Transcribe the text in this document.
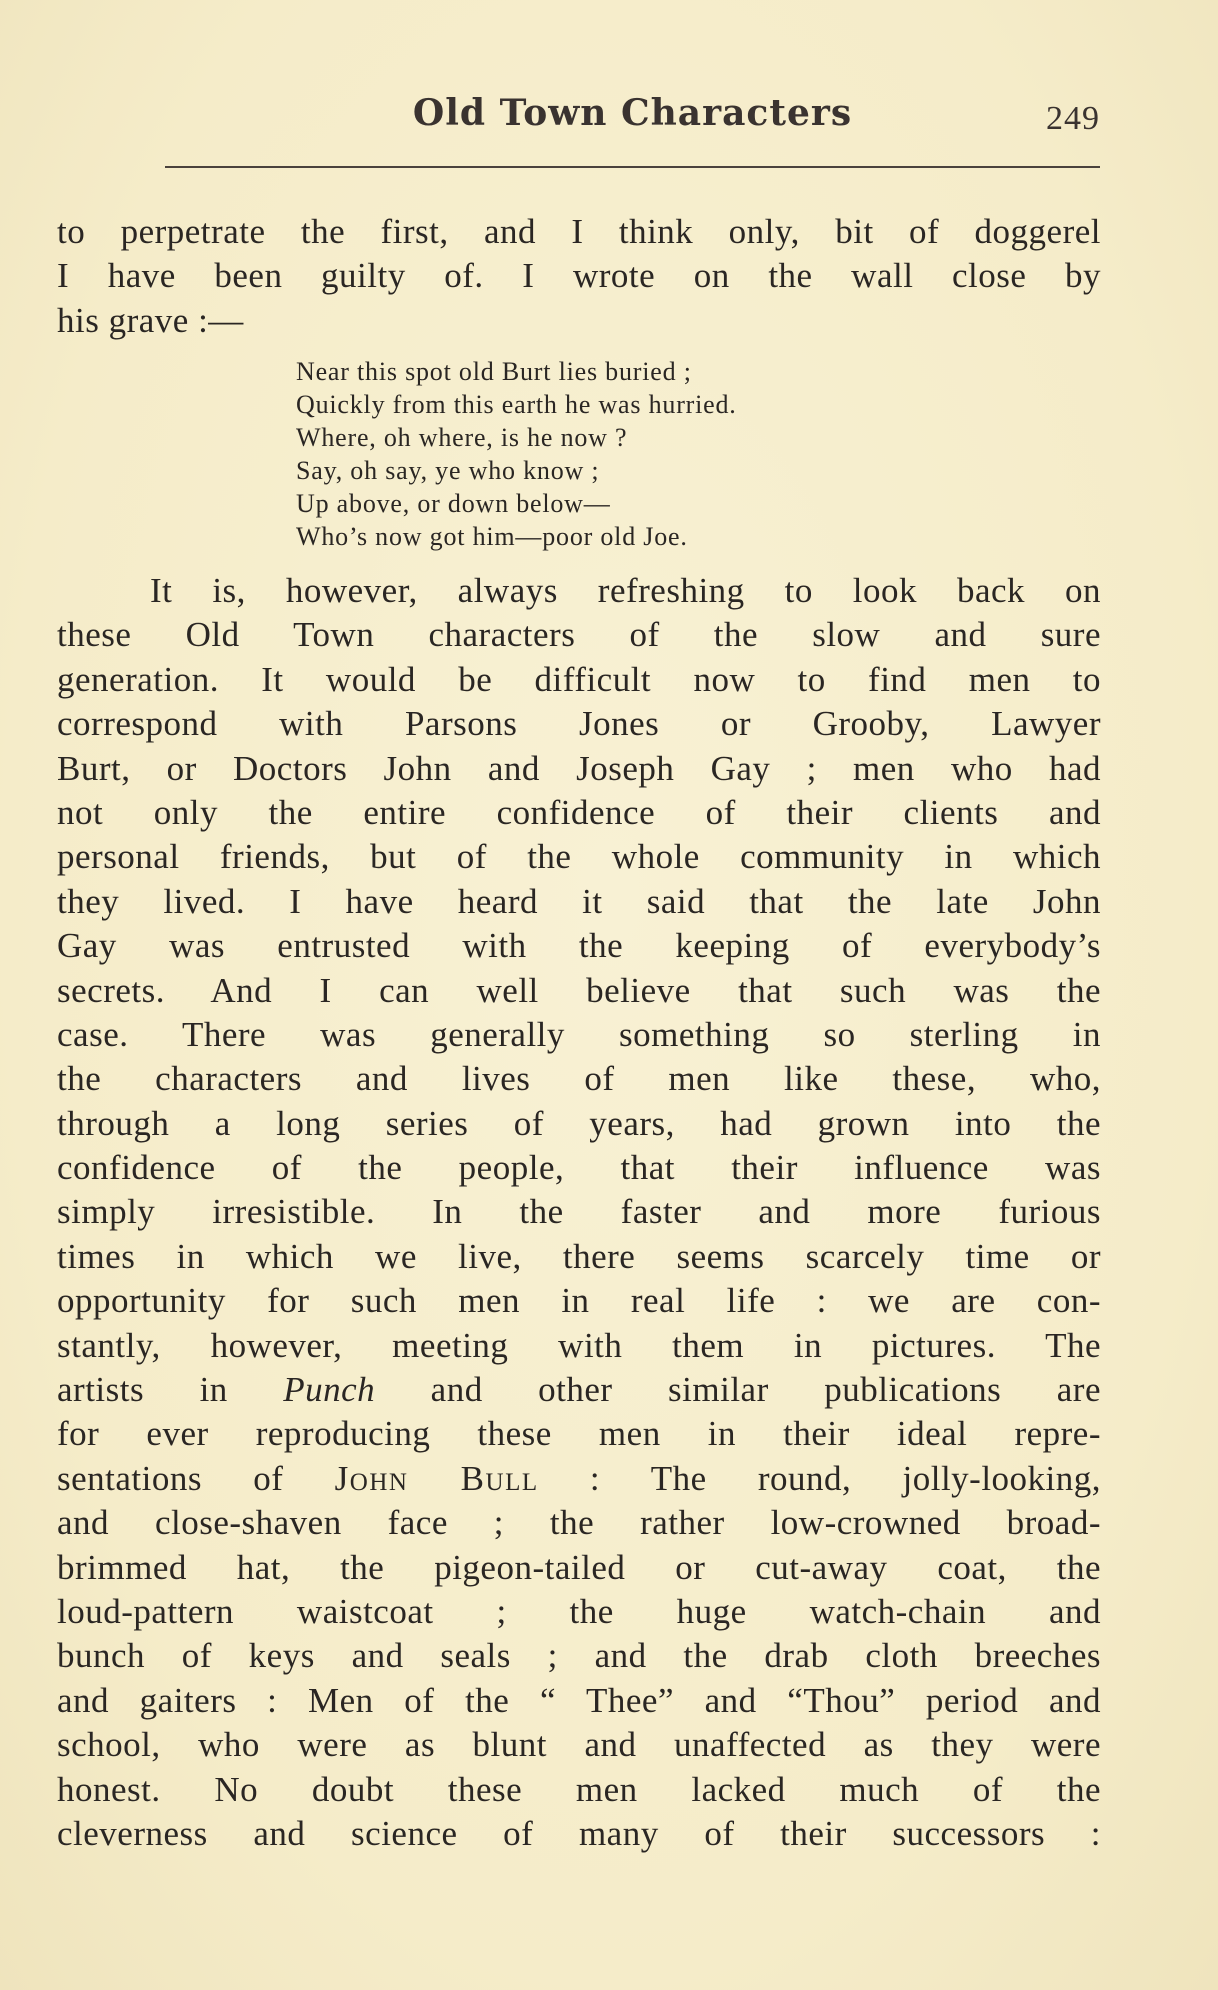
Old Town Characters	249
to perpetrate the first, and I think only, bit of doggerel
I have been guilty of. I wrote on the wall close by
his grave :—
Near this spot old Burt lies buried ;
Quickly from this earth he was hurried.
Where, oh where, is he now ?
Say, oh say, ye who know ;
Up above, or down below—
Who’s now got him—poor old Joe.
It is, however, always refreshing to look back on
these Old Town characters of the slow and sure
generation. It would be difficult now to find men to
correspond with Parsons Jones or Grooby, Lawyer
Burt, or Doctors John and Joseph Gay ; men who had
not only the entire confidence of their clients and
personal friends, but of the whole community in which
they lived. I have heard it said that the late John
Gay was entrusted with the keeping of everybody’s
secrets. And I can well believe that such was the
case. There was generally something so sterling in
the characters and lives of men like these, who,
through a long series of years, had grown into the
confidence of the people, that their influence was
simply irresistible. In the faster and more furious
times in which we live, there seems scarcely time or
opportunity for such men in real life : we are con-
stantly, however, meeting with them in pictures. The
artists in Punch and other similar publications are
for ever reproducing these men in their ideal repre-
sentations of John Bull : The round, jolly-looking,
and close-shaven face ; the rather low-crowned broad-
brimmed hat, the pigeon-tailed or cut-away coat, the
loud-pattern waistcoat ; the huge watch-chain and
bunch of keys and seals ; and the drab cloth breeches
and gaiters : Men of the “ Thee” and “Thou” period and
school, who were as blunt and unaffected as they were
honest. No doubt these men lacked much of the
cleverness and science of many of their successors :
